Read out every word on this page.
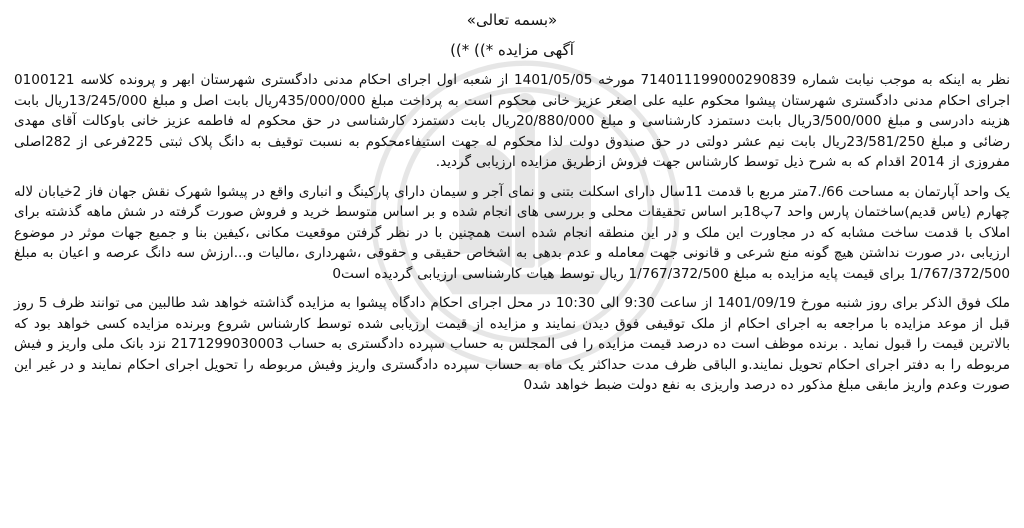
«بسمه تعالی»
آگهی مزایده *)) *))

نظر به اینکه به موجب نیابت شماره 14011199000290839‏7 مورخه 1401/05/05 از شعبه اول اجرای احکام مدنی دادگستری شهرستان ابهر و پرونده کلاسه 0100121 اجرای احکام مدنی دادگستری شهرستان پیشوا محکوم علیه علی اصغر عزیز خانی محکوم است به پرداخت مبلغ 435/000/000ریال بابت اصل و مبلغ 13/245/000ریال بابت هزینه دادرسی و مبلغ 3/500/000ریال بابت دستمزد کارشناسی و مبلغ 20/880/000ریال بابت دستمزد کارشناسی در حق محکوم له فاطمه عزیز خانی باوکالت آقای مهدی رضائی و مبلغ 23/581/250ریال بابت نیم عشر دولتی در حق صندوق دولت لذا محکوم له جهت استیفاءمحکوم به نسبت توقیف به دانگ پلاک ثبتی 225فرعی از 282اصلی مفروزی از 2014 اقدام که به شرح ذیل توسط کارشناس جهت فروش ازطریق مزایده ارزیابی گردید.

یک واحد آپارتمان به مساحت 66/.7متر مربع با قدمت 11سال دارای اسکلت بتنی و نمای آجر و سیمان دارای پارکینگ و انباری واقع در پیشوا شهرک نقش جهان فاز 2خیابان لاله چهارم (یاس قدیم)ساختمان پارس واحد 7پ18بر اساس تحقیقات محلی و بررسی های انجام شده و بر اساس متوسط خرید و فروش صورت گرفته در شش ماهه گذشته برای املاک با قدمت ساخت مشابه که در مجاورت این ملک و در این منطقه انجام شده است همچنین با در نظر گرفتن موقعیت مکانی ،کیفین بنا و جمیع جهات موثر در موضوع ارزیابی ،در صورت نداشتن هیچ گونه منع شرعی و قانونی جهت معامله و عدم بدهی به اشخاص حقیقی و حقوقی ،شهرداری ،مالیات و...ارزش سه دانگ عرصه و اعیان به مبلغ 1/767/372/500 برای قیمت پایه مزایده به مبلغ 1/767/372/500 ریال توسط هیات کارشناسی ارزیابی گردیده است0

ملک فوق الذکر برای روز شنبه مورخ 1401/09/19 از ساعت 9:30 الی 10:30 در محل اجرای احکام دادگاه پیشوا به مزایده گذاشته خواهد شد طالبین می توانند ظرف 5 روز قبل از موعد مزایده با مراجعه به اجرای احکام از ملک توقیفی فوق دیدن نمایند و مزایده از قیمت ارزیابی شده توسط کارشناس شروع وبرنده مزایده کسی خواهد بود که بالاترین قیمت را قبول نماید . برنده موظف است ده درصد قیمت مزایده را فی المجلس به حساب سپرده دادگستری به حساب 2171299030003 نزد بانک ملی واریز و فیش مربوطه را به دفتر اجرای احکام تحویل نمایند.و الباقی ظرف مدت حداکثر یک ماه به حساب سپرده دادگستری واریز وفیش مربوطه را تحویل اجرای احکام نمایند و در غیر این صورت وعدم واریز مابقی مبلغ مذکور ده درصد واریزی به نفع دولت ضبط خواهد شد0
